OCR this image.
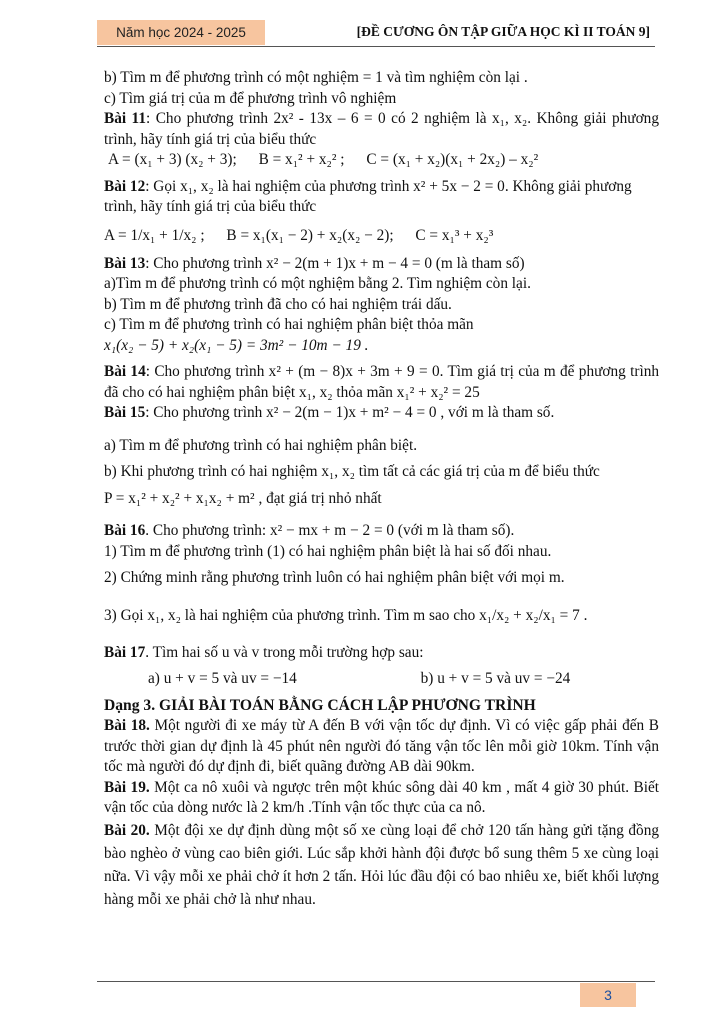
Năm học 2024 - 2025	[ĐỀ CƯƠNG ÔN TẬP GIỮA HỌC KÌ II TOÁN 9]

b) Tìm m để phương trình có một nghiệm = 1 và tìm nghiệm còn lại .

c) Tìm giá trị của m để phương trình vô nghiệm

Bài 11: Cho phương trình 2x² - 13x – 6 = 0 có 2 nghiệm là x₁, x₂. Không giải phương trình, hãy tính giá trị của biểu thức

A = (x₁ + 3) (x₂ + 3); B = x₁² + x₂² ; C = (x₁ + x₂)(x₁ + 2x₂) – x₂²

Bài 12: Gọi x₁, x₂ là hai nghiệm của phương trình x² + 5x − 2 = 0. Không giải phương trình, hãy tính giá trị của biểu thức

A = 1/x₁ + 1/x₂ ; B = x₁(x₁ − 2) + x₂(x₂ − 2); C = x₁³ + x₂³

Bài 13: Cho phương trình x² − 2(m + 1)x + m − 4 = 0 (m là tham số)

a)Tìm m để phương trình có một nghiệm bằng 2. Tìm nghiệm còn lại.

b) Tìm m để phương trình đã cho có hai nghiệm trái dấu.

c) Tìm m để phương trình có hai nghiệm phân biệt thỏa mãn

x₁(x₂ − 5) + x₂(x₁ − 5) = 3m² − 10m − 19 .

Bài 14: Cho phương trình x² + (m − 8)x + 3m + 9 = 0. Tìm giá trị của m để phương trình đã cho có hai nghiệm phân biệt x₁, x₂ thỏa mãn x₁² + x₂² = 25

Bài 15: Cho phương trình x² − 2(m − 1)x + m² − 4 = 0 , với m là tham số.

a) Tìm m để phương trình có hai nghiệm phân biệt.

b) Khi phương trình có hai nghiệm x₁, x₂ tìm tất cả các giá trị của m để biểu thức

P = x₁² + x₂² + x₁x₂ + m² , đạt giá trị nhỏ nhất

Bài 16. Cho phương trình: x² − mx + m − 2 = 0 (với m là tham số).

1) Tìm m để phương trình (1) có hai nghiệm phân biệt là hai số đối nhau.

2) Chứng minh rằng phương trình luôn có hai nghiệm phân biệt với mọi m.

3) Gọi x₁, x₂ là hai nghiệm của phương trình. Tìm m sao cho x₁/x₂ + x₂/x₁ = 7 .

Bài 17. Tìm hai số u và v trong mỗi trường hợp sau:

a) u + v = 5 và uv = −14	b) u + v = 5 và uv = −24

Dạng 3. GIẢI BÀI TOÁN BẰNG CÁCH LẬP PHƯƠNG TRÌNH

Bài 18. Một người đi xe máy từ A đến B với vận tốc dự định. Vì có việc gấp phải đến B trước thời gian dự định là 45 phút nên người đó tăng vận tốc lên mỗi giờ 10km. Tính vận tốc mà người đó dự định đi, biết quãng đường AB dài 90km.

Bài 19. Một ca nô xuôi và ngược trên một khúc sông dài 40 km , mất 4 giờ 30 phút. Biết vận tốc của dòng nước là 2 km/h .Tính vận tốc thực của ca nô.

Bài 20. Một đội xe dự định dùng một số xe cùng loại để chở 120 tấn hàng gửi tặng đồng bào nghèo ở vùng cao biên giới. Lúc sắp khởi hành đội được bổ sung thêm 5 xe cùng loại nữa. Vì vậy mỗi xe phải chở ít hơn 2 tấn. Hỏi lúc đầu đội có bao nhiêu xe, biết khối lượng hàng mỗi xe phải chở là như nhau.

3
